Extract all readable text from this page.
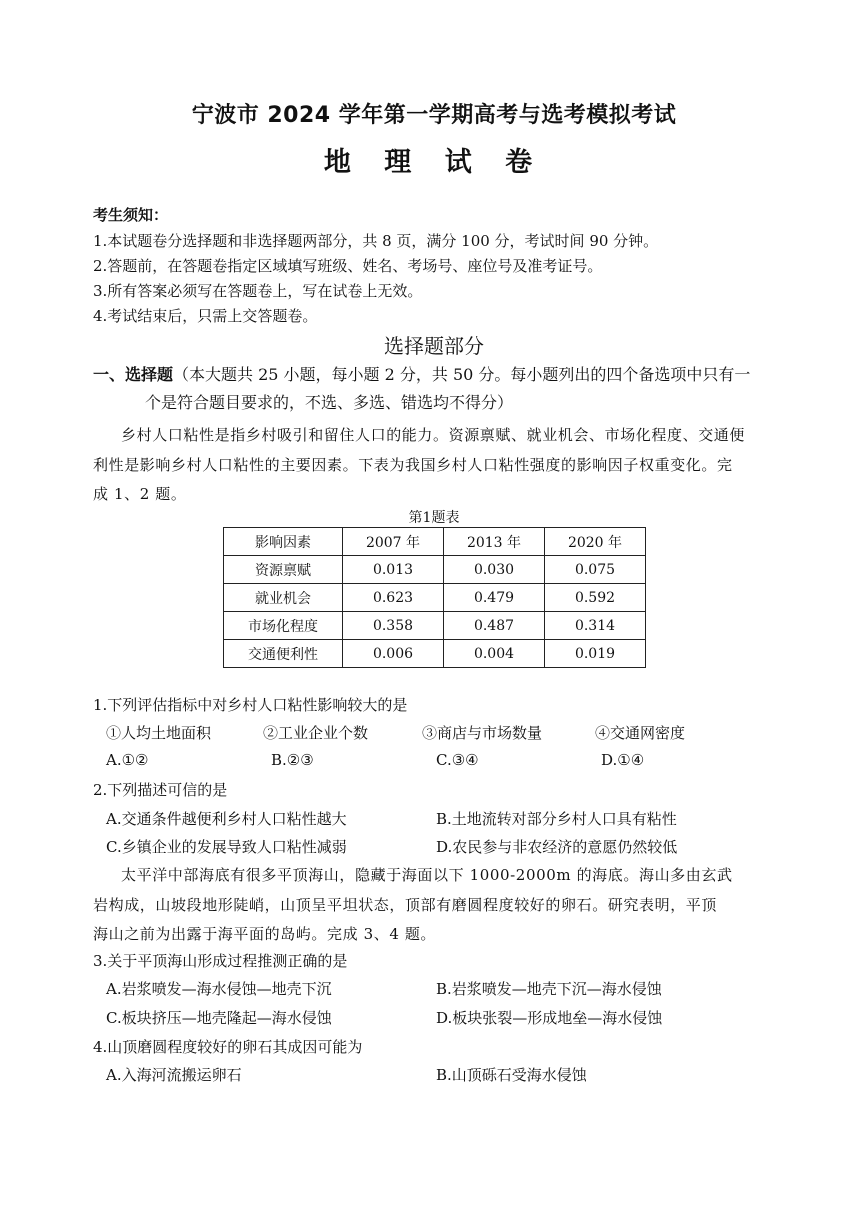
宁波市 2024 学年第一学期高考与选考模拟考试
地 理 试 卷
考生须知：
1.本试题卷分选择题和非选择题两部分，共 8 页，满分 100 分，考试时间 90 分钟。
2.答题前，在答题卷指定区域填写班级、姓名、考场号、座位号及准考证号。
3.所有答案必须写在答题卷上，写在试卷上无效。
4.考试结束后，只需上交答题卷。
选择题部分
一、选择题（本大题共 25 小题，每小题 2 分，共 50 分。每小题列出的四个备选项中只有一
个是符合题目要求的，不选、多选、错选均不得分）
乡村人口粘性是指乡村吸引和留住人口的能力。资源禀赋、就业机会、市场化程度、交通便
利性是影响乡村人口粘性的主要因素。下表为我国乡村人口粘性强度的影响因子权重变化。完
成 1、2 题。
第1题表
影响因素	2007 年	2013 年	2020 年
资源禀赋	0.013	0.030	0.075
就业机会	0.623	0.479	0.592
市场化程度	0.358	0.487	0.314
交通便利性	0.006	0.004	0.019
1.下列评估指标中对乡村人口粘性影响较大的是
①人均土地面积	②工业企业个数	③商店与市场数量	④交通网密度
A.①②	B.②③	C.③④	D.①④
2.下列描述可信的是
A.交通条件越便利乡村人口粘性越大	B.土地流转对部分乡村人口具有粘性
C.乡镇企业的发展导致人口粘性减弱	D.农民参与非农经济的意愿仍然较低
太平洋中部海底有很多平顶海山，隐藏于海面以下 1000-2000m 的海底。海山多由玄武
岩构成，山坡段地形陡峭，山顶呈平坦状态，顶部有磨圆程度较好的卵石。研究表明，平顶
海山之前为出露于海平面的岛屿。完成 3、4 题。
3.关于平顶海山形成过程推测正确的是
A.岩浆喷发—海水侵蚀—地壳下沉	B.岩浆喷发—地壳下沉—海水侵蚀
C.板块挤压—地壳隆起—海水侵蚀	D.板块张裂—形成地垒—海水侵蚀
4.山顶磨圆程度较好的卵石其成因可能为
A.入海河流搬运卵石	B.山顶砾石受海水侵蚀
